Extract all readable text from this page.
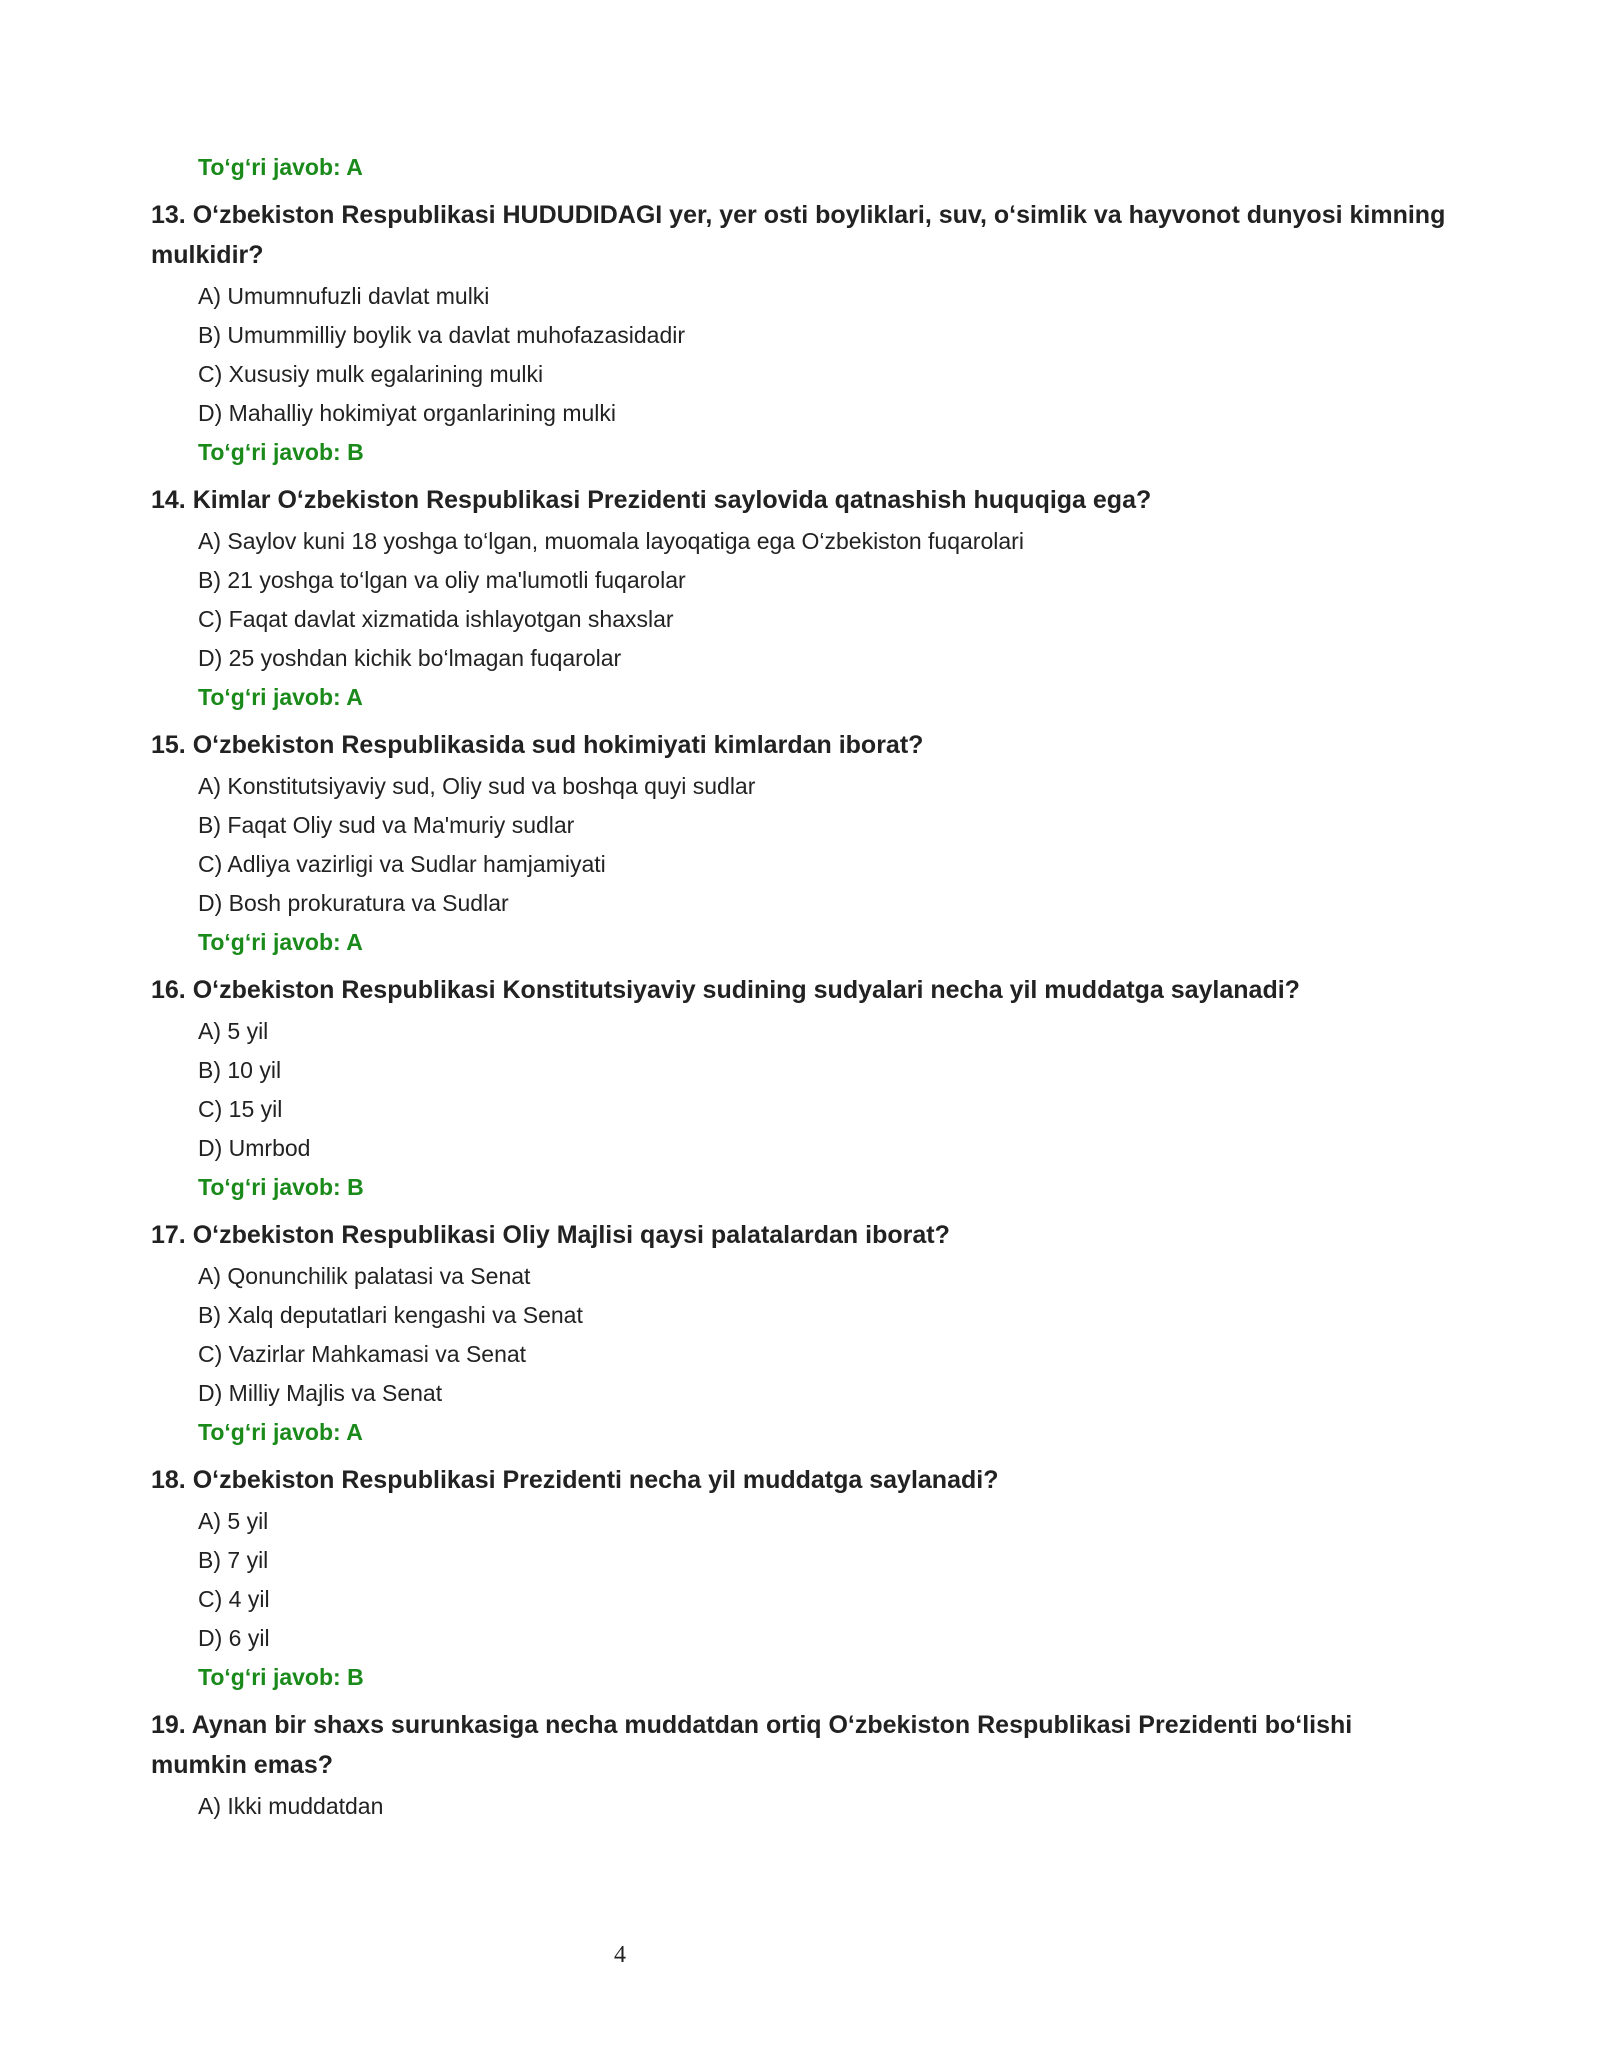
To‘g‘ri javob: A
13. O‘zbekiston Respublikasi HUDUDIDAGI yer, yer osti boyliklari, suv, o‘simlik va hayvonot dunyosi kimning mulkidir?
A) Umumnufuzli davlat mulki
B) Umummilliy boylik va davlat muhofazasidadir
C) Xususiy mulk egalarining mulki
D) Mahalliy hokimiyat organlarining mulki
To‘g‘ri javob: B
14. Kimlar O‘zbekiston Respublikasi Prezidenti saylovida qatnashish huquqiga ega?
A) Saylov kuni 18 yoshga to‘lgan, muomala layoqatiga ega O‘zbekiston fuqarolari
B) 21 yoshga to‘lgan va oliy ma'lumotli fuqarolar
C) Faqat davlat xizmatida ishlayotgan shaxslar
D) 25 yoshdan kichik bo‘lmagan fuqarolar
To‘g‘ri javob: A
15. O‘zbekiston Respublikasida sud hokimiyati kimlardan iborat?
A) Konstitutsiyaviy sud, Oliy sud va boshqa quyi sudlar
B) Faqat Oliy sud va Ma'muriy sudlar
C) Adliya vazirligi va Sudlar hamjamiyati
D) Bosh prokuratura va Sudlar
To‘g‘ri javob: A
16. O‘zbekiston Respublikasi Konstitutsiyaviy sudining sudyalari necha yil muddatga saylanadi?
A) 5 yil
B) 10 yil
C) 15 yil
D) Umrbod
To‘g‘ri javob: B
17. O‘zbekiston Respublikasi Oliy Majlisi qaysi palatalardan iborat?
A) Qonunchilik palatasi va Senat
B) Xalq deputatlari kengashi va Senat
C) Vazirlar Mahkamasi va Senat
D) Milliy Majlis va Senat
To‘g‘ri javob: A
18. O‘zbekiston Respublikasi Prezidenti necha yil muddatga saylanadi?
A) 5 yil
B) 7 yil
C) 4 yil
D) 6 yil
To‘g‘ri javob: B
19. Aynan bir shaxs surunkasiga necha muddatdan ortiq O‘zbekiston Respublikasi Prezidenti bo‘lishi mumkin emas?
A) Ikki muddatdan
4
